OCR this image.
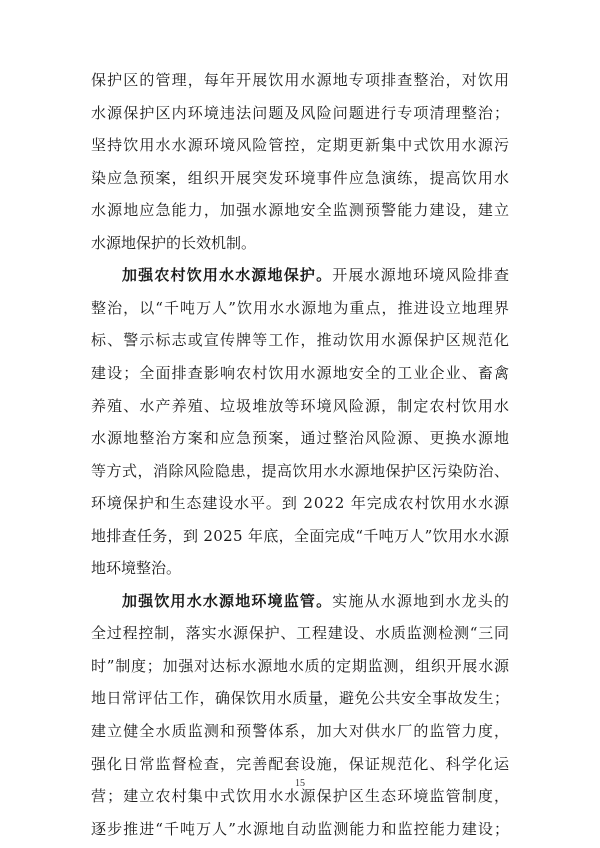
保护区的管理，每年开展饮用水源地专项排查整治，对饮用
水源保护区内环境违法问题及风险问题进行专项清理整治；
坚持饮用水水源环境风险管控，定期更新集中式饮用水源污
染应急预案，组织开展突发环境事件应急演练，提高饮用水
水源地应急能力，加强水源地安全监测预警能力建设，建立
水源地保护的长效机制。
加强农村饮用水水源地保护。开展水源地环境风险排查
整治，以“千吨万人”饮用水水源地为重点，推进设立地理界
标、警示标志或宣传牌等工作，推动饮用水源保护区规范化
建设；全面排查影响农村饮用水源地安全的工业企业、畜禽
养殖、水产养殖、垃圾堆放等环境风险源，制定农村饮用水
水源地整治方案和应急预案，通过整治风险源、更换水源地
等方式，消除风险隐患，提高饮用水水源地保护区污染防治、
环境保护和生态建设水平。到 2022 年完成农村饮用水水源
地排查任务，到 2025 年底，全面完成“千吨万人”饮用水水源
地环境整治。
加强饮用水水源地环境监管。实施从水源地到水龙头的
全过程控制，落实水源保护、工程建设、水质监测检测“三同
时”制度；加强对达标水源地水质的定期监测，组织开展水源
地日常评估工作，确保饮用水质量，避免公共安全事故发生；
建立健全水质监测和预警体系，加大对供水厂的监管力度，
强化日常监督检查，完善配套设施，保证规范化、科学化运
营；建立农村集中式饮用水水源保护区生态环境监管制度，
逐步推进“千吨万人”水源地自动监测能力和监控能力建设；
15
